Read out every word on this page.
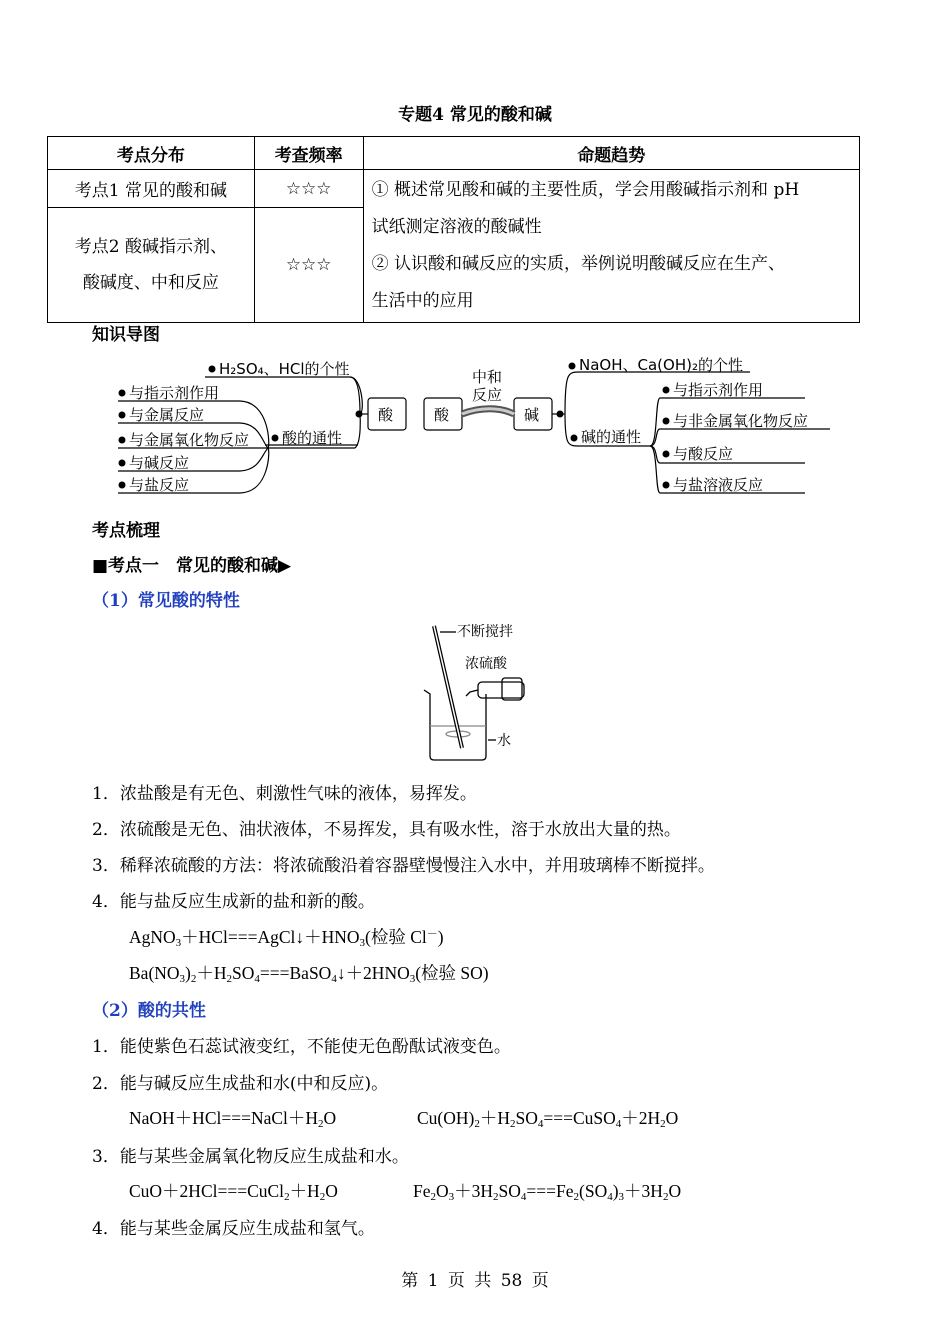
专题4 常见的酸和碱
考点分布	考查频率	命题趋势
考点1 常见的酸和碱	☆☆☆	① 概述常见酸和碱的主要性质，学会用酸碱指示剂和 pH
试纸测定溶液的酸碱性
② 认识酸和碱反应的实质，举例说明酸碱反应在生产、
生活中的应用

考点2 酸碱指示剂、
酸碱度、中和反应	☆☆☆	
知识导图
H₂SO₄、HCl的个性
与指示剂作用
与金属反应
与金属氧化物反应
与碱反应
与盐反应
酸的通性
酸	酸
中和
反应
碱
NaOH、Ca(OH)₂的个性
碱的通性
与指示剂作用
与非金属氧化物反应
与酸反应
与盐溶液反应
考点梳理
■考点一　常见的酸和碱▶
（1）常见酸的特性
不断搅拌
浓硫酸
水
1．浓盐酸是有无色、刺激性气味的液体，易挥发。
2．浓硫酸是无色、油状液体，不易挥发，具有吸水性，溶于水放出大量的热。
3．稀释浓硫酸的方法：将浓硫酸沿着容器壁慢慢注入水中，并用玻璃棒不断搅拌。
4．能与盐反应生成新的盐和新的酸。
$AgNO_3+HCl===AgCl↓+HNO_3$(检验 Cl－)
$Ba(NO_3)_2+H_2SO_4===BaSO_4↓+2HNO_3$(检验 SO)
（2）酸的共性
1．能使紫色石蕊试液变红，不能使无色酚酞试液变色。
2．能与碱反应生成盐和水(中和反应)。
$NaOH+HCl===NaCl+H_2O$	$Cu(OH)_2+H_2SO_4===CuSO_4+2H_2O$
3．能与某些金属氧化物反应生成盐和水。
$CuO+2HCl===CuCl_2+H_2O$	$Fe_2O_3+3H_2SO_4===Fe_2(SO_4)_3+3H_2O$
4．能与某些金属反应生成盐和氢气。
第 1 页 共 58 页
